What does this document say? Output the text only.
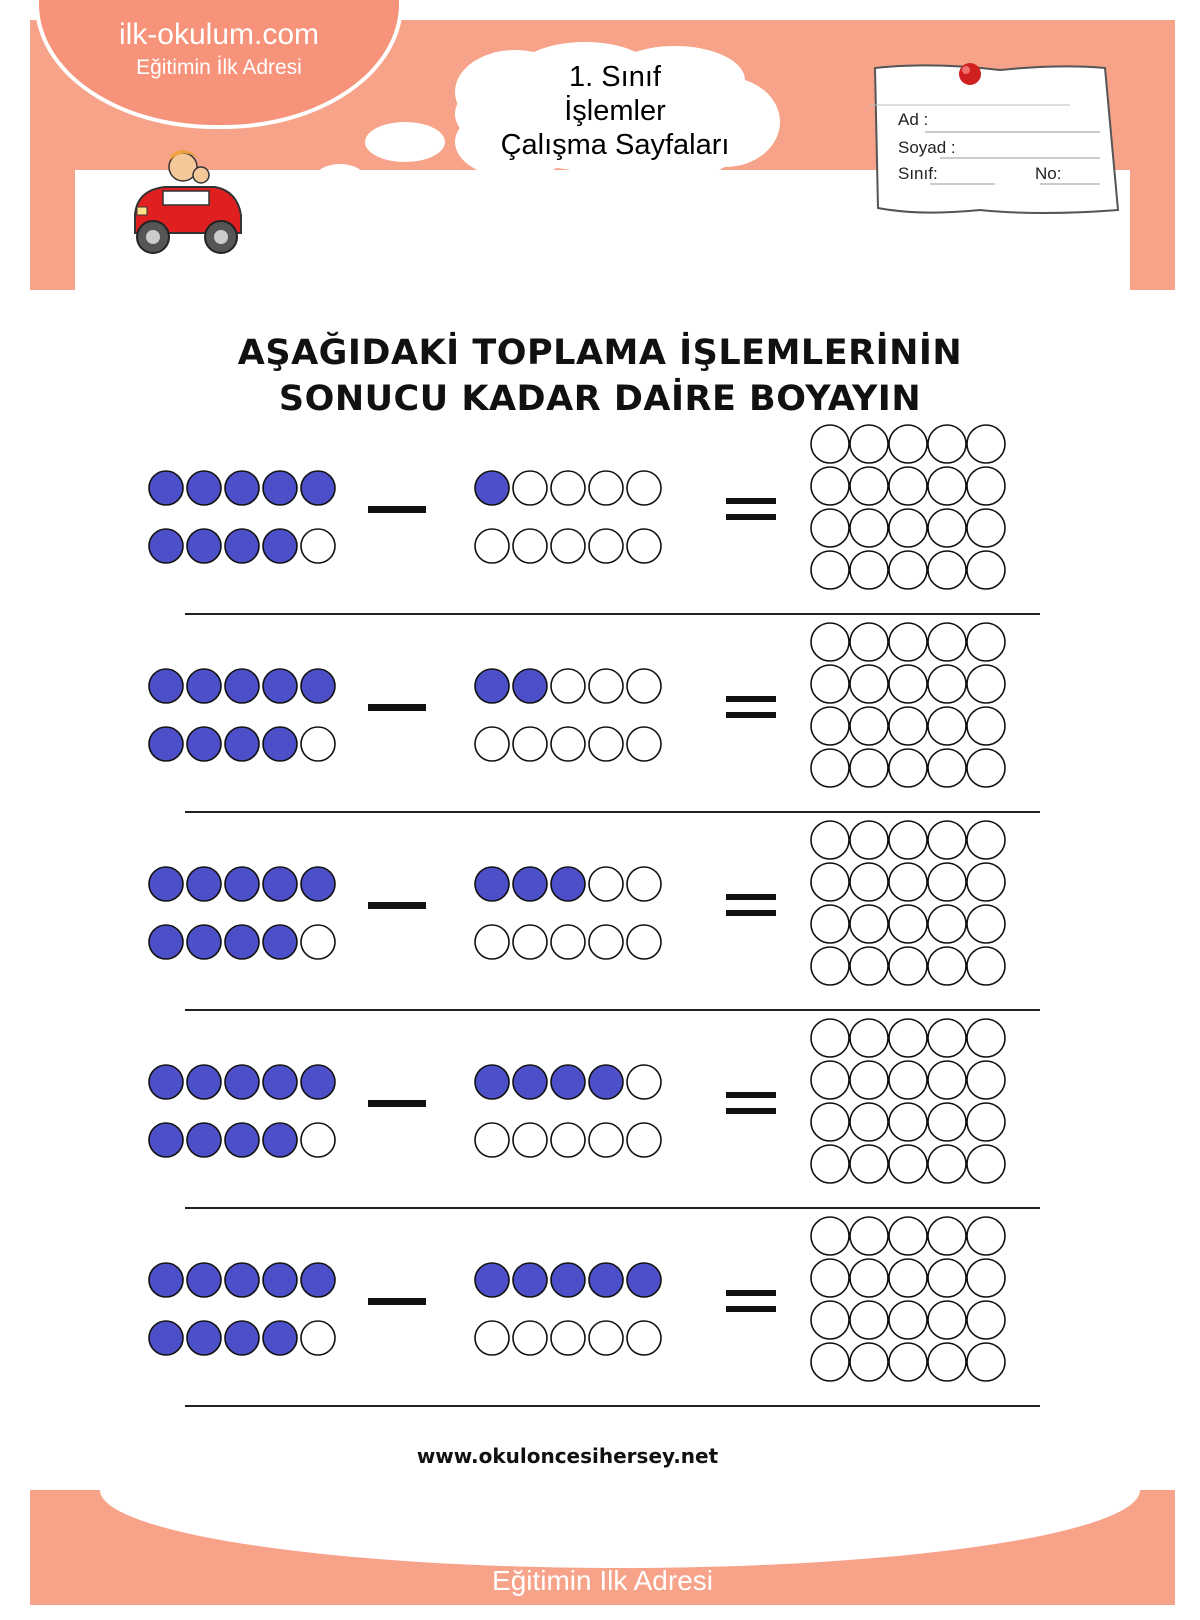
ilk-okulum.com
Eğitimin İlk Adresi	1. Sınıf
İşlemler
Çalışma Sayfaları
Ad :
Soyad :
Sınıf:	No:
AŞAĞIDAKİ TOPLAMA İŞLEMLERİNİN
SONUCU KADAR DAİRE BOYAYIN
www.okuloncesihersey.net
ilk-okulum.com
Eğitimin İlk Adresi
